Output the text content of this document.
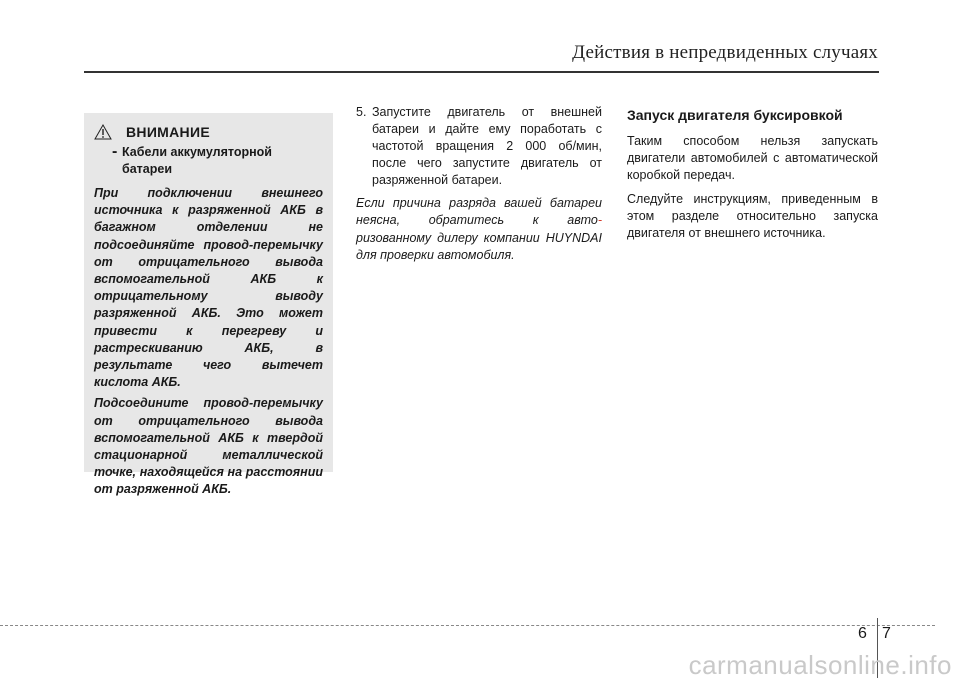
Действия в непредвиденных случаях
ВНИМАНИЕ
- Кабели аккумуляторной
батареи

При подключении внешнего источника к разряженной АКБ в багажном отделении не подсоединяйте провод-перемычку от отрицательного вывода вспомогательной АКБ к отрицательному выводу разряженной АКБ. Это может привести к перегреву и растрескиванию АКБ, в результате чего вытечет кислота АКБ.

Подсоедините провод-перемычку от отрицательного вывода вспомогательной АКБ к твердой стационарной металлической точке, находящейся на расстоянии от разряженной АКБ.

5. Запустите двигатель от внешней батареи и дайте ему поработать с частотой вращения 2 000 об/мин, после чего запустите двигатель от разряженной батареи.
Если причина разряда вашей батареи неясна, обратитесь к авто- ризованному дилеру компании HUYNDAI для проверки автомобиля.
Запуск двигателя буксировкой

Таким способом нельзя запускать двигатели автомобилей с автоматической коробкой передач.

Следуйте инструкциям, приведенным в этом разделе относительно запуска двигателя от внешнего источника.

6 7
carmanualsonline.info
